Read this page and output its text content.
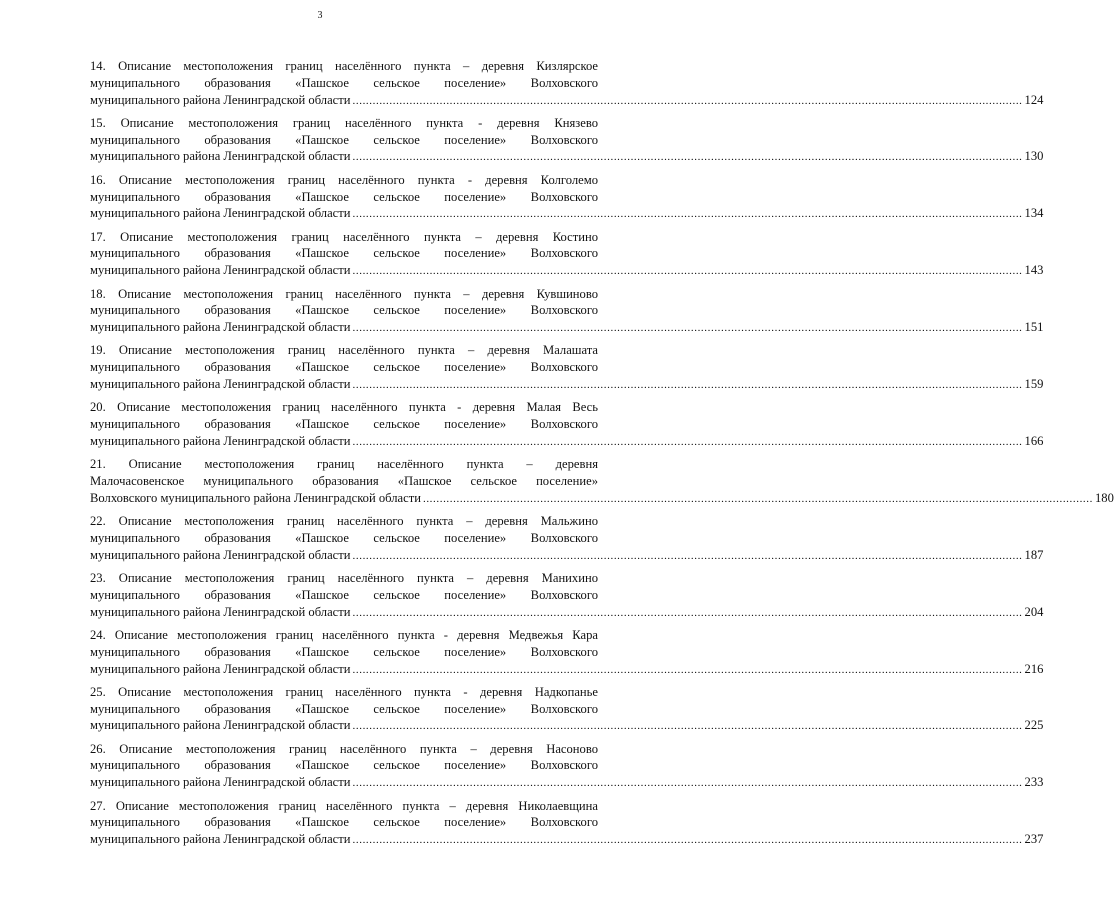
3
14. Описание местоположения границ населённого пункта – деревня Кизлярское
муниципального образования «Пашское сельское поселение» Волховского
муниципального района Ленинградской области ........................................................................................................................................................................................................ 124
15. Описание местоположения границ населённого пункта - деревня Князево
муниципального образования «Пашское сельское поселение» Волховского
муниципального района Ленинградской области ........................................................................................................................................................................................................ 130
16. Описание местоположения границ населённого пункта - деревня Колголемо
муниципального образования «Пашское сельское поселение» Волховского
муниципального района Ленинградской области ........................................................................................................................................................................................................ 134
17. Описание местоположения границ населённого пункта – деревня Костино
муниципального образования «Пашское сельское поселение» Волховского
муниципального района Ленинградской области ........................................................................................................................................................................................................ 143
18. Описание местоположения границ населённого пункта – деревня Кувшиново
муниципального образования «Пашское сельское поселение» Волховского
муниципального района Ленинградской области ........................................................................................................................................................................................................ 151
19. Описание местоположения границ населённого пункта – деревня Малашата
муниципального образования «Пашское сельское поселение» Волховского
муниципального района Ленинградской области ........................................................................................................................................................................................................ 159
20. Описание местоположения границ населённого пункта - деревня Малая Весь
муниципального образования «Пашское сельское поселение» Волховского
муниципального района Ленинградской области ........................................................................................................................................................................................................ 166
21. Описание местоположения границ населённого пункта – деревня
Малочасовенское муниципального образования «Пашское сельское поселение»
Волховского муниципального района Ленинградской области ........................................................................................................................................................................................................ 180
22. Описание местоположения границ населённого пункта – деревня Мальжино
муниципального образования «Пашское сельское поселение» Волховского
муниципального района Ленинградской области ........................................................................................................................................................................................................ 187
23. Описание местоположения границ населённого пункта – деревня Манихино
муниципального образования «Пашское сельское поселение» Волховского
муниципального района Ленинградской области ........................................................................................................................................................................................................ 204
24. Описание местоположения границ населённого пункта - деревня Медвежья Кара
муниципального образования «Пашское сельское поселение» Волховского
муниципального района Ленинградской области ........................................................................................................................................................................................................ 216
25. Описание местоположения границ населённого пункта - деревня Надкопанье
муниципального образования «Пашское сельское поселение» Волховского
муниципального района Ленинградской области ........................................................................................................................................................................................................ 225
26. Описание местоположения границ населённого пункта – деревня Насоново
муниципального образования «Пашское сельское поселение» Волховского
муниципального района Ленинградской области ........................................................................................................................................................................................................ 233
27. Описание местоположения границ населённого пункта – деревня Николаевщина
муниципального образования «Пашское сельское поселение» Волховского
муниципального района Ленинградской области ........................................................................................................................................................................................................ 237
